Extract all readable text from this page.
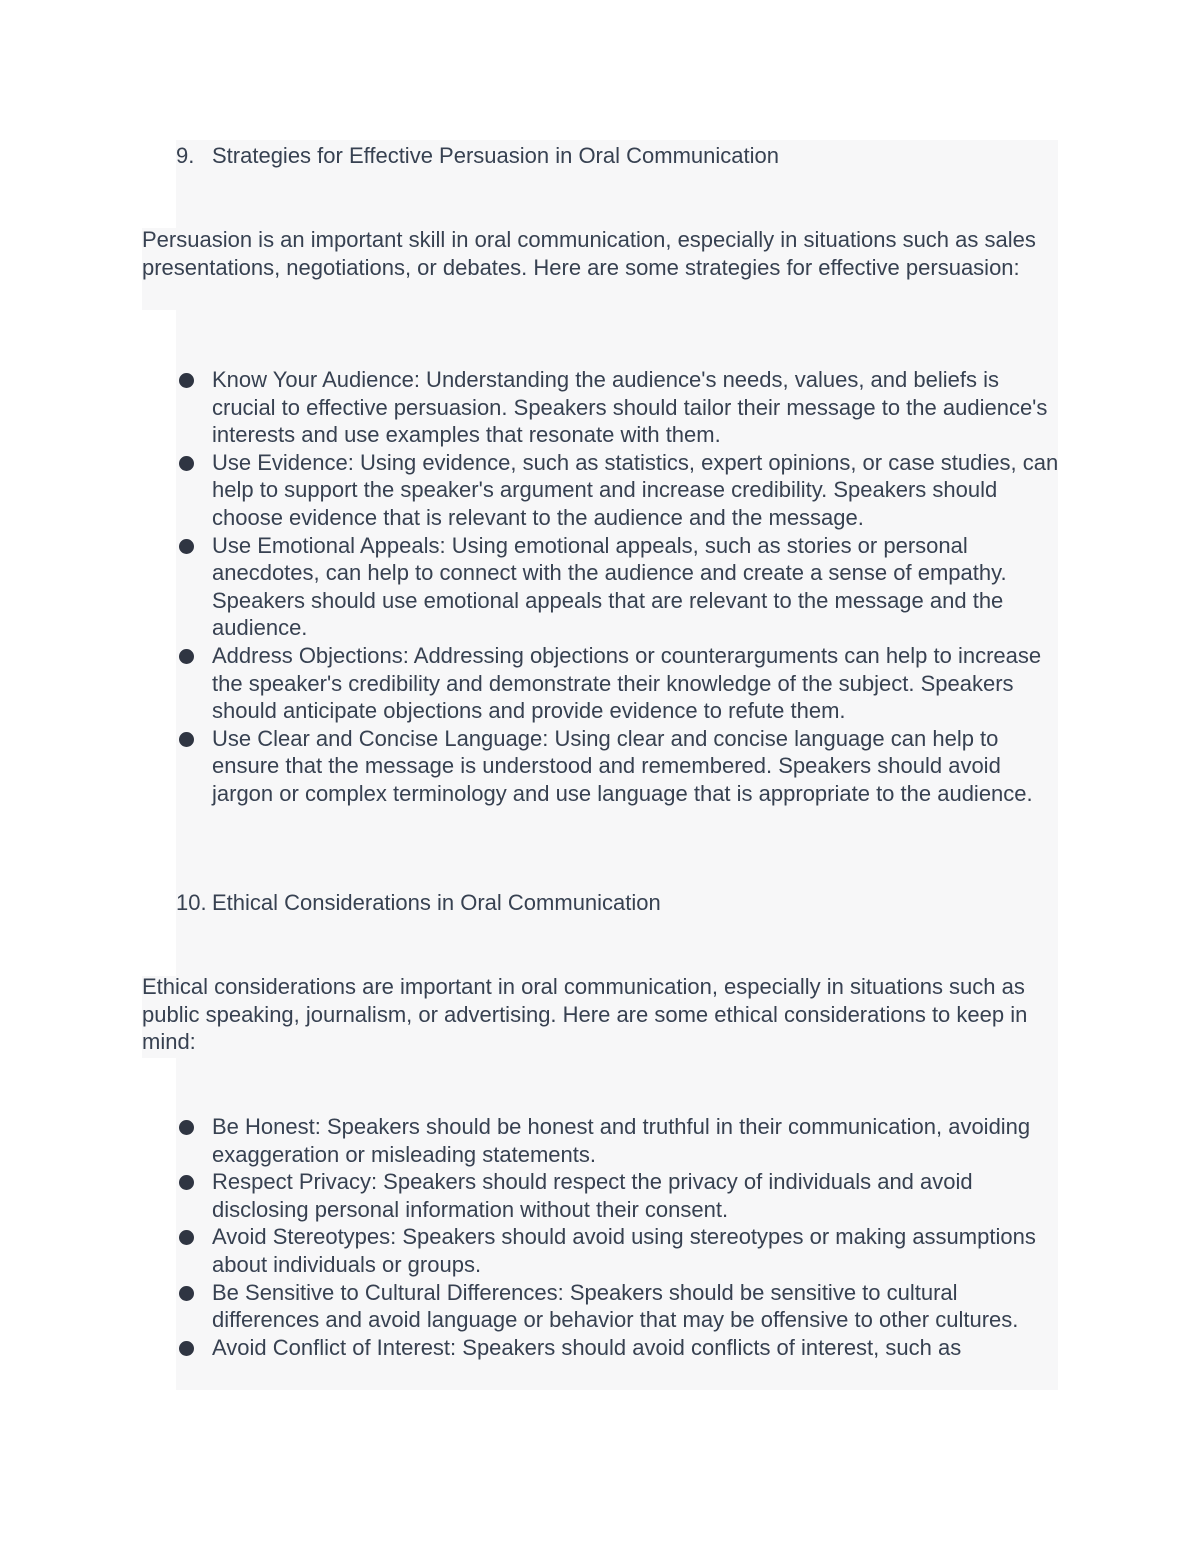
9. Strategies for Effective Persuasion in Oral Communication

Persuasion is an important skill in oral communication, especially in situations such as sales presentations, negotiations, or debates. Here are some strategies for effective persuasion:

Know Your Audience: Understanding the audience's needs, values, and beliefs is crucial to effective persuasion. Speakers should tailor their message to the audience's interests and use examples that resonate with them.
Use Evidence: Using evidence, such as statistics, expert opinions, or case studies, can help to support the speaker's argument and increase credibility. Speakers should choose evidence that is relevant to the audience and the message.
Use Emotional Appeals: Using emotional appeals, such as stories or personal anecdotes, can help to connect with the audience and create a sense of empathy. Speakers should use emotional appeals that are relevant to the message and the audience.
Address Objections: Addressing objections or counterarguments can help to increase the speaker's credibility and demonstrate their knowledge of the subject. Speakers should anticipate objections and provide evidence to refute them.
Use Clear and Concise Language: Using clear and concise language can help to ensure that the message is understood and remembered. Speakers should avoid jargon or complex terminology and use language that is appropriate to the audience.
10. Ethical Considerations in Oral Communication

Ethical considerations are important in oral communication, especially in situations such as public speaking, journalism, or advertising. Here are some ethical considerations to keep in mind:

Be Honest: Speakers should be honest and truthful in their communication, avoiding exaggeration or misleading statements.
Respect Privacy: Speakers should respect the privacy of individuals and avoid disclosing personal information without their consent.
Avoid Stereotypes: Speakers should avoid using stereotypes or making assumptions about individuals or groups.
Be Sensitive to Cultural Differences: Speakers should be sensitive to cultural differences and avoid language or behavior that may be offensive to other cultures.
Avoid Conflict of Interest: Speakers should avoid conflicts of interest, such as
